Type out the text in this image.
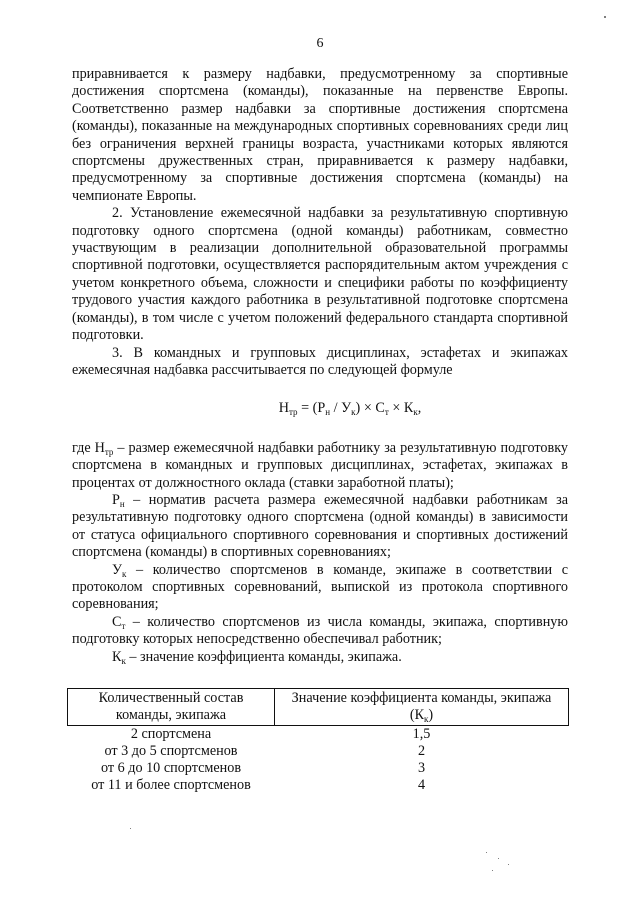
6

приравнивается к размеру надбавки, предусмотренному за спортивные достижения спортсмена (команды), показанные на первенстве Европы. Соответственно размер надбавки за спортивные достижения спортсмена (команды), показанные на международных спортивных соревнованиях среди лиц без ограничения верхней границы возраста, участниками которых являются спортсмены дружественных стран, приравнивается к размеру надбавки, предусмотренному за спортивные достижения спортсмена (команды) на чемпионате Европы.

2. Установление ежемесячной надбавки за результативную спортивную подготовку одного спортсмена (одной команды) работникам, совместно участвующим в реализации дополнительной образовательной программы спортивной подготовки, осуществляется распорядительным актом учреждения с учетом конкретного объема, сложности и специфики работы по коэффициенту трудового участия каждого работника в результативной подготовке спортсмена (команды), в том числе с учетом положений федерального стандарта спортивной подготовки.

3. В командных и групповых дисциплинах, эстафетах и экипажах ежемесячная надбавка рассчитывается по следующей формуле

$Н_{тр} = (Р_н / У_к) \times С_т \times К_к$,

где $Н_{тр}$ – размер ежемесячной надбавки работнику за результативную подготовку спортсмена в командных и групповых дисциплинах, эстафетах, экипажах в процентах от должностного оклада (ставки заработной платы);

$Р_н$ – норматив расчета размера ежемесячной надбавки работникам за результативную подготовку одного спортсмена (одной команды) в зависимости от статуса официального спортивного соревнования и спортивных достижений спортсмена (команды) в спортивных соревнованиях;

$У_к$ – количество спортсменов в команде, экипаже в соответствии с протоколом спортивных соревнований, выпиской из протокола спортивного соревнования;

$С_т$ – количество спортсменов из числа команды, экипажа, спортивную подготовку которых непосредственно обеспечивал работник;

$К_к$ – значение коэффициента команды, экипажа.

Количественный состав команды, экипажа	Значение коэффициента команды, экипажа
$(К_к)$
2 спортсмена	1,5
от 3 до 5 спортсменов	2
от 6 до 10 спортсменов	3
от 11 и более спортсменов	4
